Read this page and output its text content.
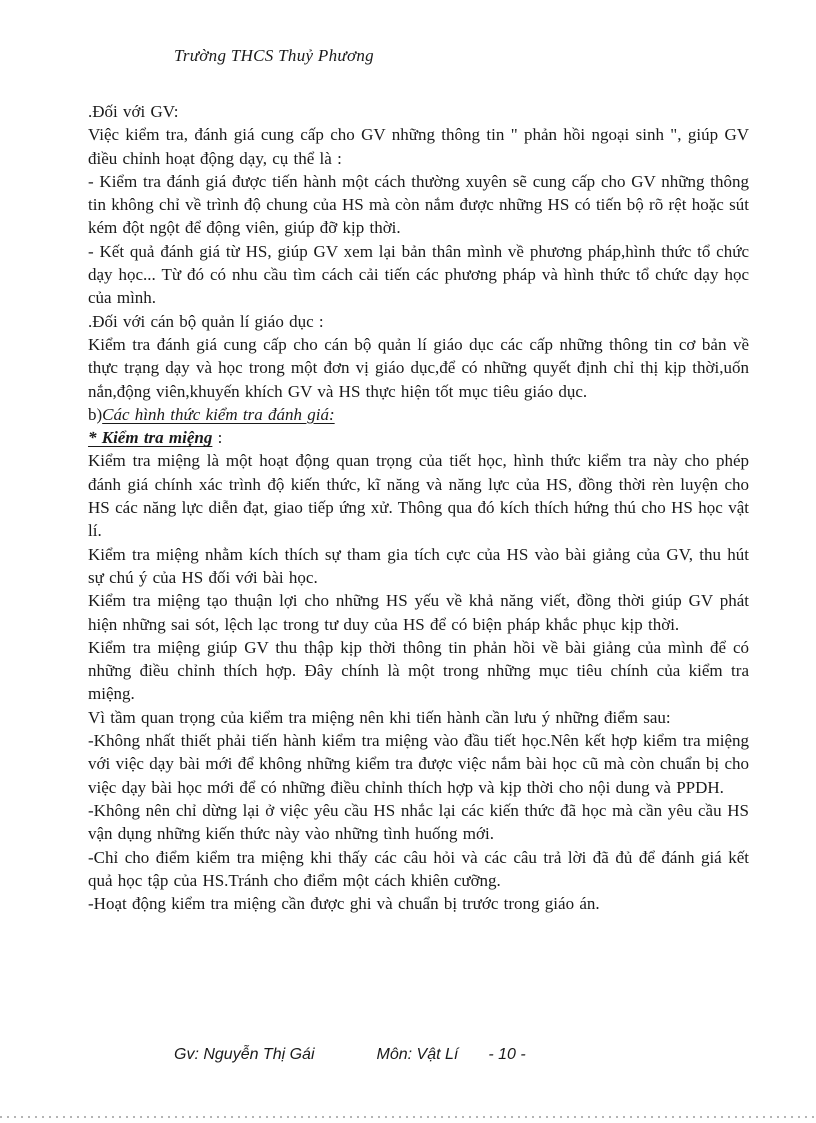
Trường THCS Thuỷ Phương

.Đối với GV:

Việc kiểm tra, đánh giá cung cấp cho GV những thông tin " phản hồi ngoại sinh ", giúp GV điều chỉnh hoạt động dạy, cụ thể là :

- Kiểm tra đánh giá được tiến hành một cách thường xuyên sẽ cung cấp cho GV những thông tin không chỉ về trình độ chung của HS mà còn nắm được những HS có tiến bộ rõ rệt hoặc sút kém đột ngột để động viên, giúp đỡ kịp thời.

- Kết quả đánh giá từ HS, giúp GV xem lại bản thân mình về phương pháp,hình thức tổ chức dạy học... Từ đó có nhu cầu tìm cách cải tiến các phương pháp và hình thức tổ chức dạy học của mình.

.Đối với cán bộ quản lí giáo dục :

Kiểm tra đánh giá cung cấp cho cán bộ quản lí giáo dục các cấp những thông tin cơ bản về thực trạng dạy và học trong một đơn vị giáo dục,để có những quyết định chỉ thị kịp thời,uốn nắn,động viên,khuyến khích GV và HS thực hiện tốt mục tiêu giáo dục.

b)Các hình thức kiểm tra đánh giá:

* Kiểm tra miệng :

Kiểm tra miệng là một hoạt động quan trọng của tiết học, hình thức kiểm tra này cho phép đánh giá chính xác trình độ kiến thức, kĩ năng và năng lực của HS, đồng thời rèn luyện cho HS các năng lực diễn đạt, giao tiếp ứng xử. Thông qua đó kích thích hứng thú cho HS học vật lí.

Kiểm tra miệng nhằm kích thích sự tham gia tích cực của HS vào bài giảng của GV, thu hút sự chú ý của HS đối với bài học.

Kiểm tra miệng tạo thuận lợi cho những HS yếu về khả năng viết, đồng thời giúp GV phát hiện những sai sót, lệch lạc trong tư duy của HS để có biện pháp khắc phục kịp thời.

Kiểm tra miệng giúp GV thu thập kịp thời thông tin phản hồi về bài giảng của mình để có những điều chỉnh thích hợp. Đây chính là một trong những mục tiêu chính của kiểm tra miệng.

Vì tầm quan trọng của kiểm tra miệng nên khi tiến hành cần lưu ý những điểm sau:

-Không nhất thiết phải tiến hành kiểm tra miệng vào đầu tiết học.Nên kết hợp kiểm tra miệng với việc dạy bài mới để không những kiểm tra được việc nắm bài học cũ mà còn chuẩn bị cho việc dạy bài học mới để có những điều chỉnh thích hợp và kịp thời cho nội dung và PPDH.

-Không nên chỉ dừng lại ở việc yêu cầu HS nhắc lại các kiến thức đã học mà cần yêu cầu HS vận dụng những kiến thức này vào những tình huống mới.

-Chỉ cho điểm kiểm tra miệng khi thấy các câu hỏi và các câu trả lời đã đủ để đánh giá kết quả học tập của HS.Tránh cho điểm một cách khiên cưỡng.

-Hoạt động kiểm tra miệng cần được ghi và chuẩn bị trước trong giáo án.

Gv: Nguyễn Thị Gái	Môn: Vật Lí - 10 -
